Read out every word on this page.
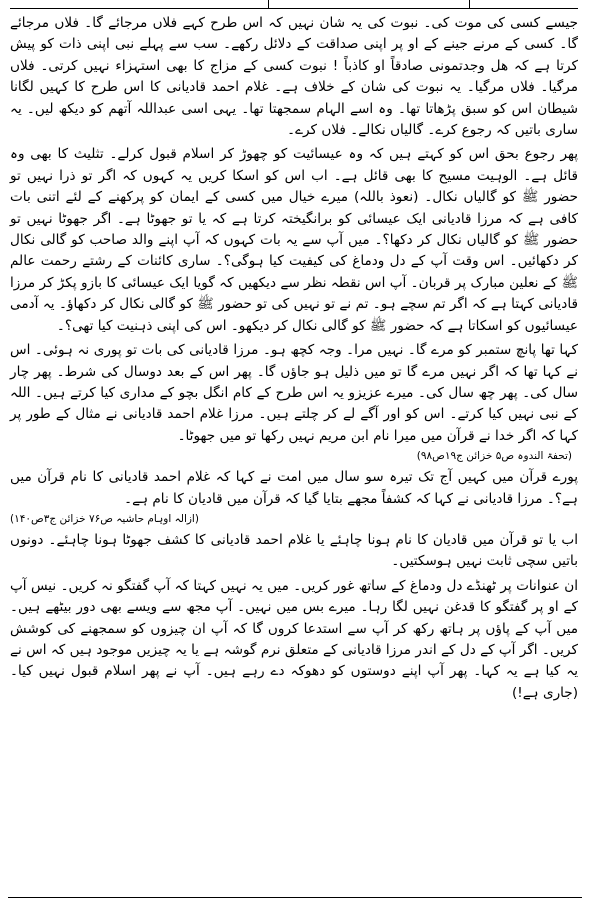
جیسے کسی کی موت کی۔ نبوت کی یہ شان نہیں کہ اس طرح کہے فلاں مرجائے گا۔ فلاں مرجائے گا۔ کسی کے مرنے جینے کے او پر اپنی صداقت کے دلائل رکھے۔ سب سے پہلے نبی اپنی ذات کو پیش کرتا ہے کہ ھل وجدتمونی صادقاً او کاذباً ! نبوت کسی کے مزاج کا بھی استہزاء نہیں کرتی۔ فلاں مرگیا۔ فلاں مرگیا۔ یہ نبوت کی شان کے خلاف ہے۔ غلام احمد قادیانی کا اس طرح کا کہیں لگانا شیطان اس کو سبق پڑھاتا تھا۔ وہ اسے الہام سمجھتا تھا۔ یہی اسی عبداللہ آتھم کو دیکھ لیں۔ یہ ساری باتیں کہ رجوع کرے۔ گالیاں نکالے۔ فلاں کرے۔

پھر رجوع بحق اس کو کہتے ہیں کہ وہ عیسائیت کو چھوڑ کر اسلام قبول کرلے۔ تثلیث کا بھی وہ قائل ہے۔ الوہیت مسیح کا بھی قائل ہے۔ اب اس کو اسکا کریں یہ کہوں کہ اگر تو ذرا نہیں تو حضور ﷺ کو گالیاں نکال۔ (نعوذ باللہ) میرے خیال میں کسی کے ایمان کو پرکھنے کے لئے اتنی بات کافی ہے کہ مرزا قادیانی ایک عیسائی کو برانگیختہ کرتا ہے کہ یا تو جھوٹا ہے۔ اگر جھوٹا نہیں تو حضور ﷺ کو گالیاں نکال کر دکھا؟۔ میں آپ سے یہ بات کہوں کہ آپ اپنے والد صاحب کو گالی نکال کر دکھائیں۔ اس وقت آپ کے دل ودماغ کی کیفیت کیا ہوگی؟۔ ساری کائنات کے رشتے رحمت عالم ﷺ کے نعلین مبارک پر قربان۔ آپ اس نقطہ نظر سے دیکھیں کہ گویا ایک عیسائی کا بازو پکڑ کر مرزا قادیانی کہتا ہے کہ اگر تم سچے ہو۔ تم نے تو نہیں کی تو حضور ﷺ کو گالی نکال کر دکھاؤ۔ یہ آدمی عیسائیوں کو اسکاتا ہے کہ حضور ﷺ کو گالی نکال کر دیکھو۔ اس کی اپنی ذہنیت کیا تھی؟۔

کہا تھا پانچ ستمبر کو مرے گا۔ نہیں مرا۔ وجہ کچھ ہو۔ مرزا قادیانی کی بات تو پوری نہ ہوئی۔ اس نے کہا تھا کہ اگر نہیں مرے گا تو میں ذلیل ہو جاؤں گا۔ پھر اس کے بعد دوسال کی شرط۔ پھر چار سال کی۔ پھر چھ سال کی۔ میرے عزیزو یہ اس طرح کے کام انگل بچو کے مداری کیا کرتے ہیں۔ اللہ کے نبی نہیں کیا کرتے۔ اس کو اور آگے لے کر چلتے ہیں۔ مرزا غلام احمد قادیانی نے مثال کے طور پر کہا کہ اگر خدا نے قرآن میں میرا نام ابن مریم نہیں رکھا تو میں جھوٹا۔

(تحفۃ الندوہ ص۵ خزائن ج۱۹ص۹۸)

پورے قرآن میں کہیں آج تک تیرہ سو سال میں امت نے کہا کہ غلام احمد قادیانی کا نام قرآن میں ہے؟۔ مرزا قادیانی نے کہا کہ کشفاً مجھے بتایا گیا کہ قرآن میں قادیان کا نام ہے۔

(ازالہ اوہام حاشیہ ص۷۶ خزائن ج۳ص۱۴۰)

اب یا تو قرآن میں قادیان کا نام ہونا چاہئے یا غلام احمد قادیانی کا کشف جھوٹا ہونا چاہئے۔ دونوں باتیں سچی ثابت نہیں ہوسکتیں۔

ان عنوانات پر ٹھنڈے دل ودماغ کے ساتھ غور کریں۔ میں یہ نہیں کہتا کہ آپ گفتگو نہ کریں۔ نیس آپ کے او پر گفتگو کا قدغن نہیں لگا رہا۔ میرے بس میں نہیں۔ آپ مجھ سے ویسے بھی دور بیٹھے ہیں۔ میں آپ کے پاؤں پر ہاتھ رکھ کر آپ سے استدعا کروں گا کہ آپ ان چیزوں کو سمجھنے کی کوشش کریں۔ اگر آپ کے دل کے اندر مرزا قادیانی کے متعلق نرم گوشہ ہے یا یہ چیزیں موجود ہیں کہ اس نے یہ کیا ہے یہ کہا۔ پھر آپ اپنے دوستوں کو دھوکہ دے رہے ہیں۔ آپ نے پھر اسلام قبول نہیں کیا۔ (جاری ہے!)
